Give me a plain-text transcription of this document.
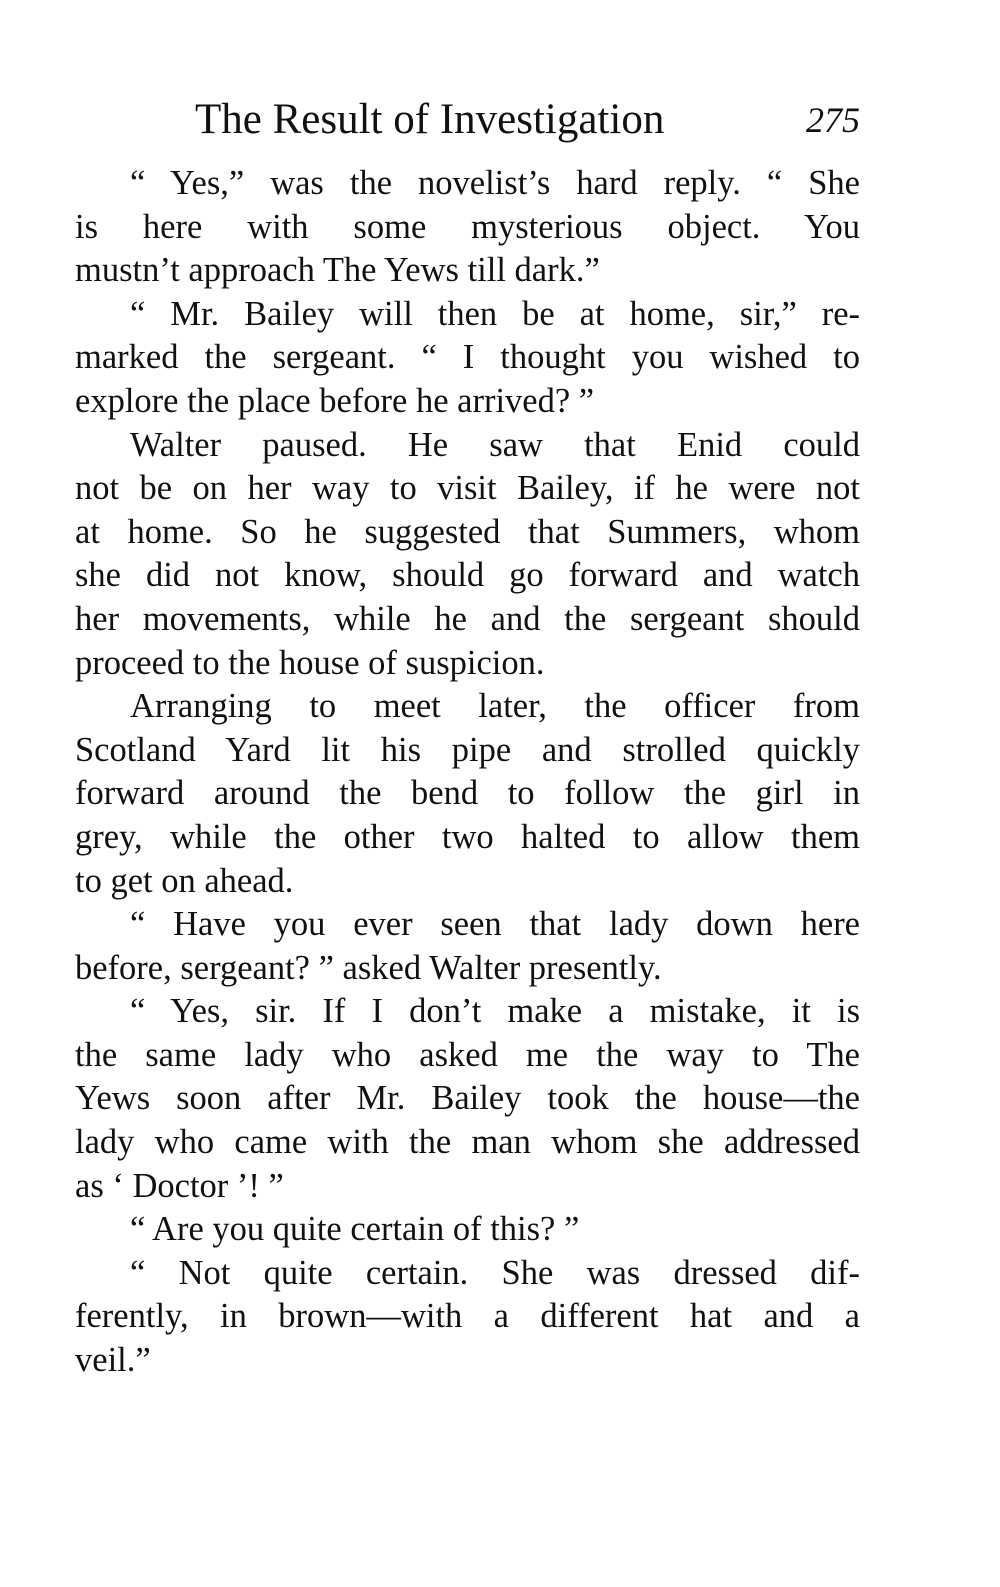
The Result of Investigation	275
“ Yes,” was the novelist’s hard reply. “ She
is here with some mysterious object. You
mustn’t approach The Yews till dark.”
“ Mr. Bailey will then be at home, sir,” re-
marked the sergeant. “ I thought you wished to
explore the place before he arrived? ”
Walter paused. He saw that Enid could
not be on her way to visit Bailey, if he were not
at home. So he suggested that Summers, whom
she did not know, should go forward and watch
her movements, while he and the sergeant should
proceed to the house of suspicion.
Arranging to meet later, the officer from
Scotland Yard lit his pipe and strolled quickly
forward around the bend to follow the girl in
grey, while the other two halted to allow them
to get on ahead.
“ Have you ever seen that lady down here
before, sergeant? ” asked Walter presently.
“ Yes, sir. If I don’t make a mistake, it is
the same lady who asked me the way to The
Yews soon after Mr. Bailey took the house—the
lady who came with the man whom she addressed
as ‘ Doctor ’! ”
“ Are you quite certain of this? ”
“ Not quite certain. She was dressed dif-
ferently, in brown—with a different hat and a
veil.”
